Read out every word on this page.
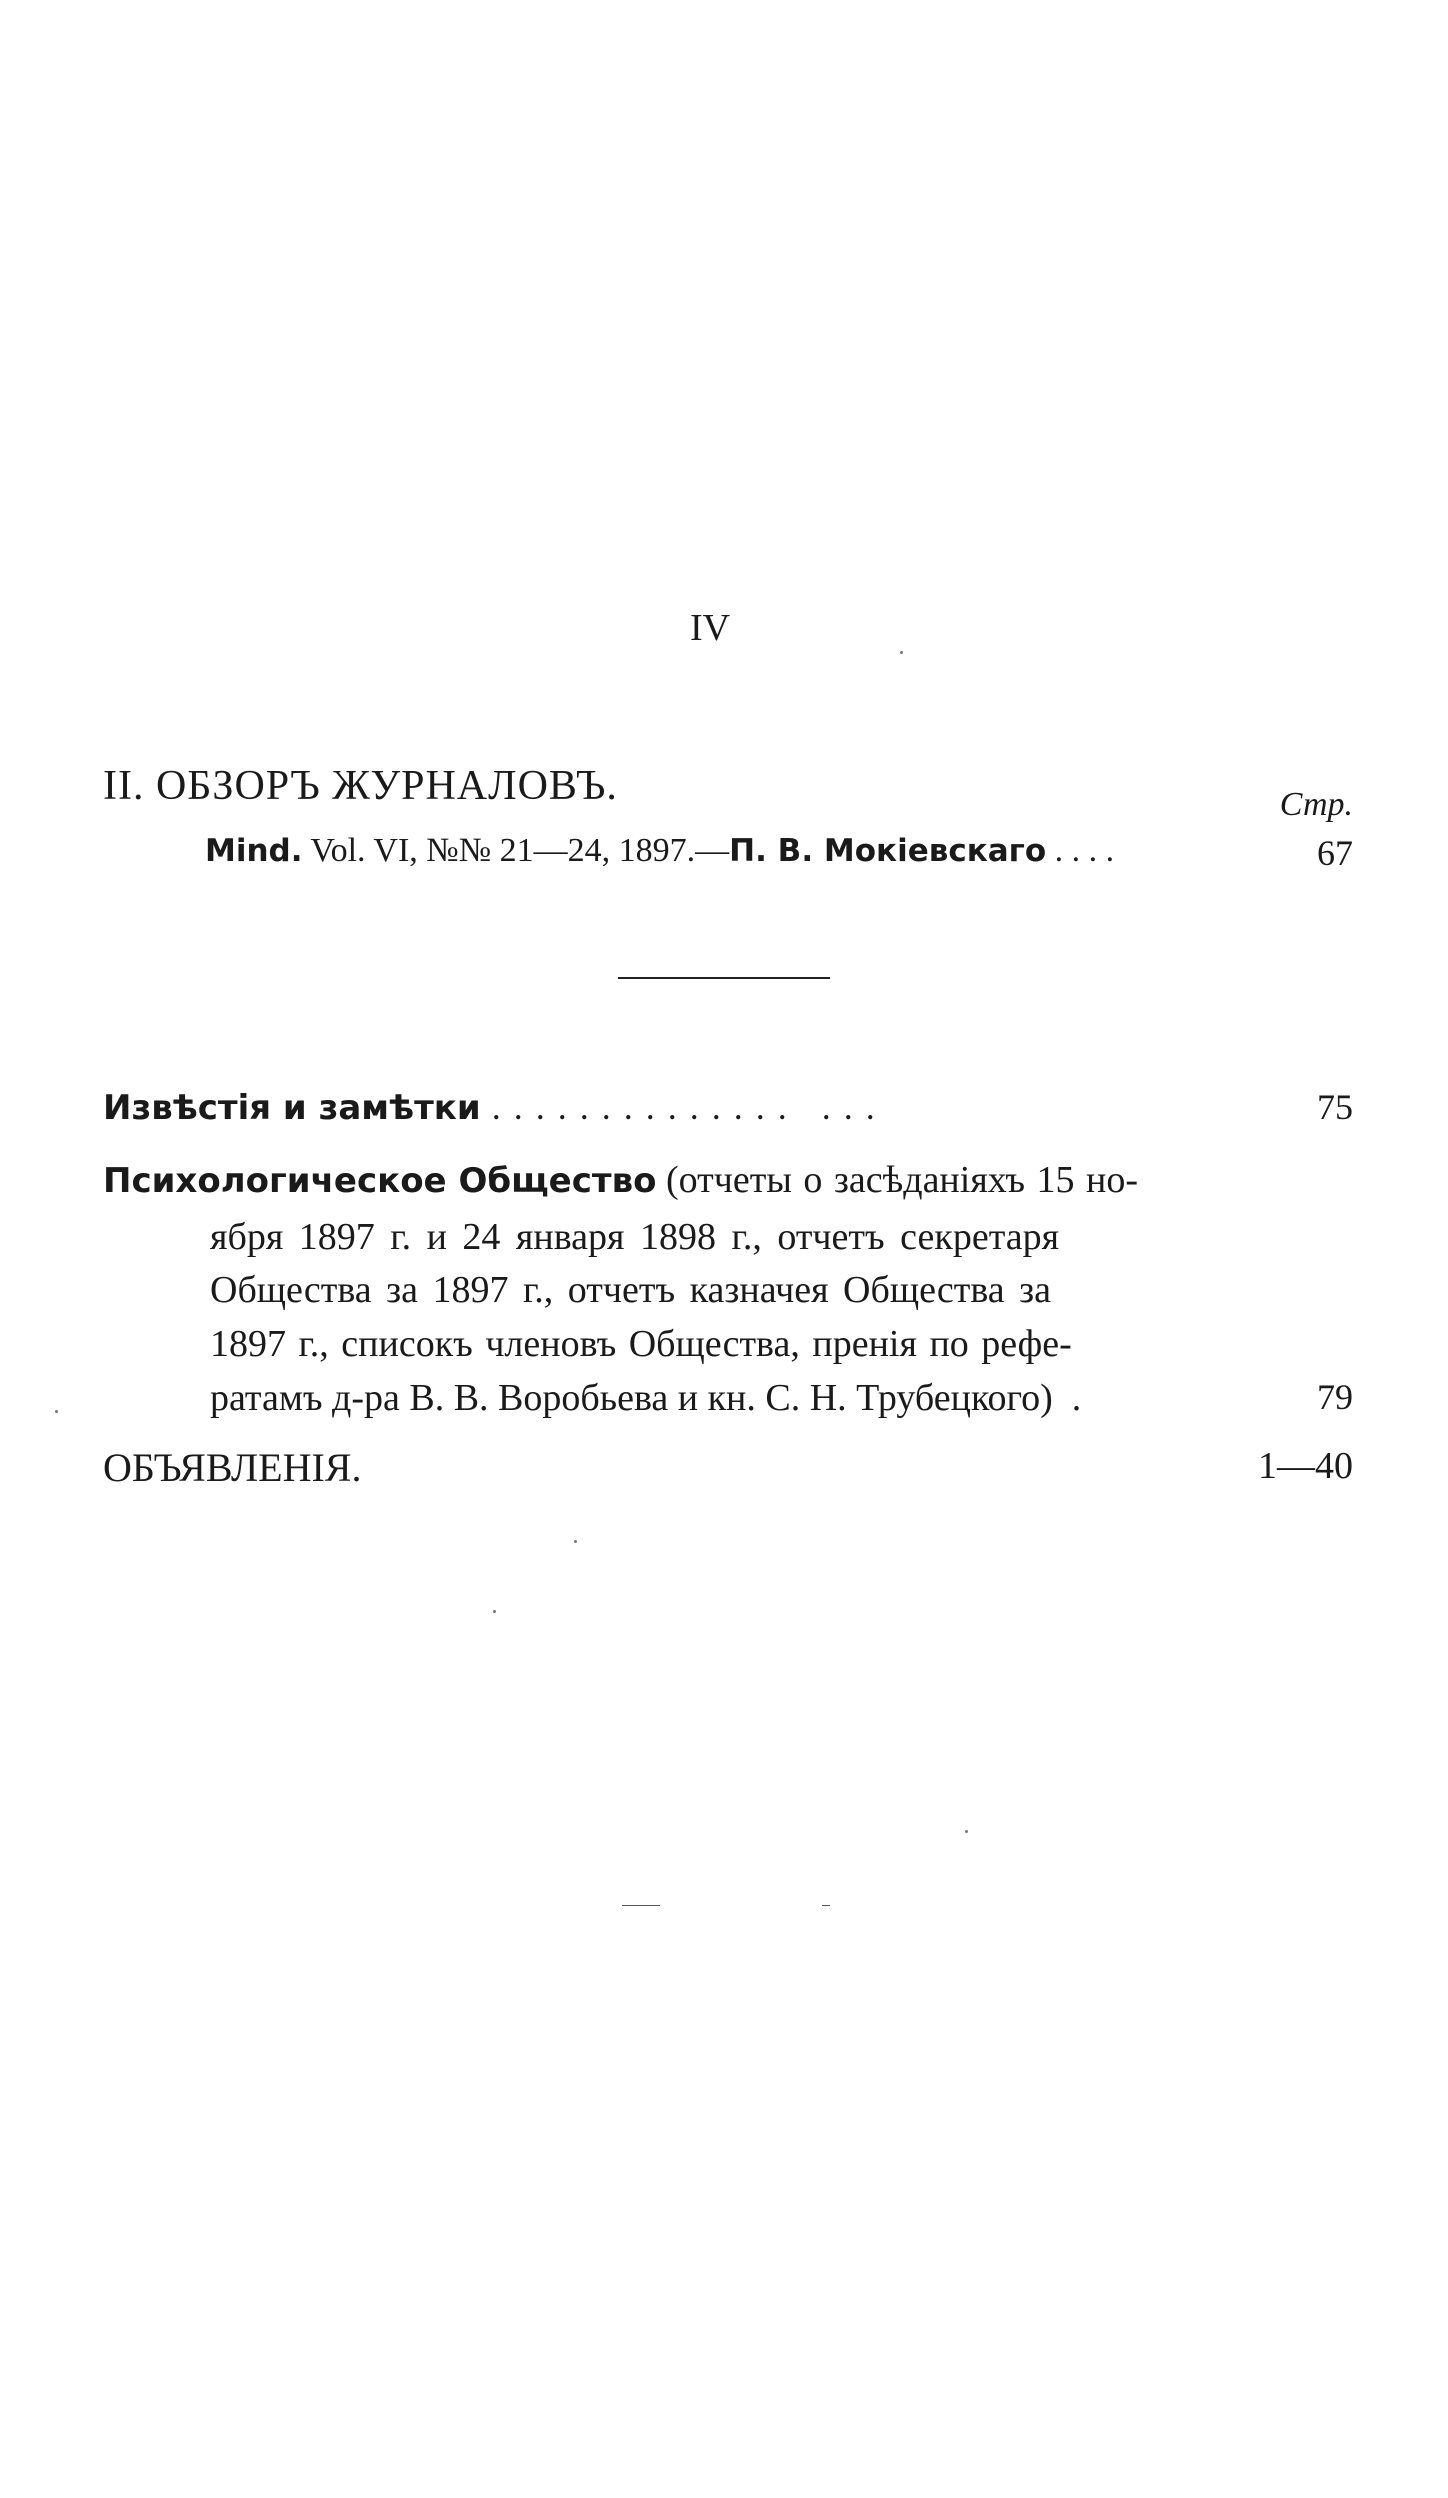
IV
II. ОБЗОРЪ ЖУРНАЛОВЪ.	Стр.
Mind. Vol. VI, №№ 21—24, 1897.—П. В. Мокiевскаго . . . .	67
Извѣстiя и замѣтки . . . . . . . . . . . . . .   . . .	75
Психологическое Общество (отчеты о засѣданiяхъ 15 но-
ября 1897 г. и 24 января 1898 г., отчетъ секретаря
Общества за 1897 г., отчетъ казначея Общества за
1897 г., списокъ членовъ Общества, пренiя по рефе-
ратамъ д-ра В. В. Воробьева и кн. С. Н. Трубецкого)  .	79
ОБЪЯВЛЕНIЯ.	1—40
